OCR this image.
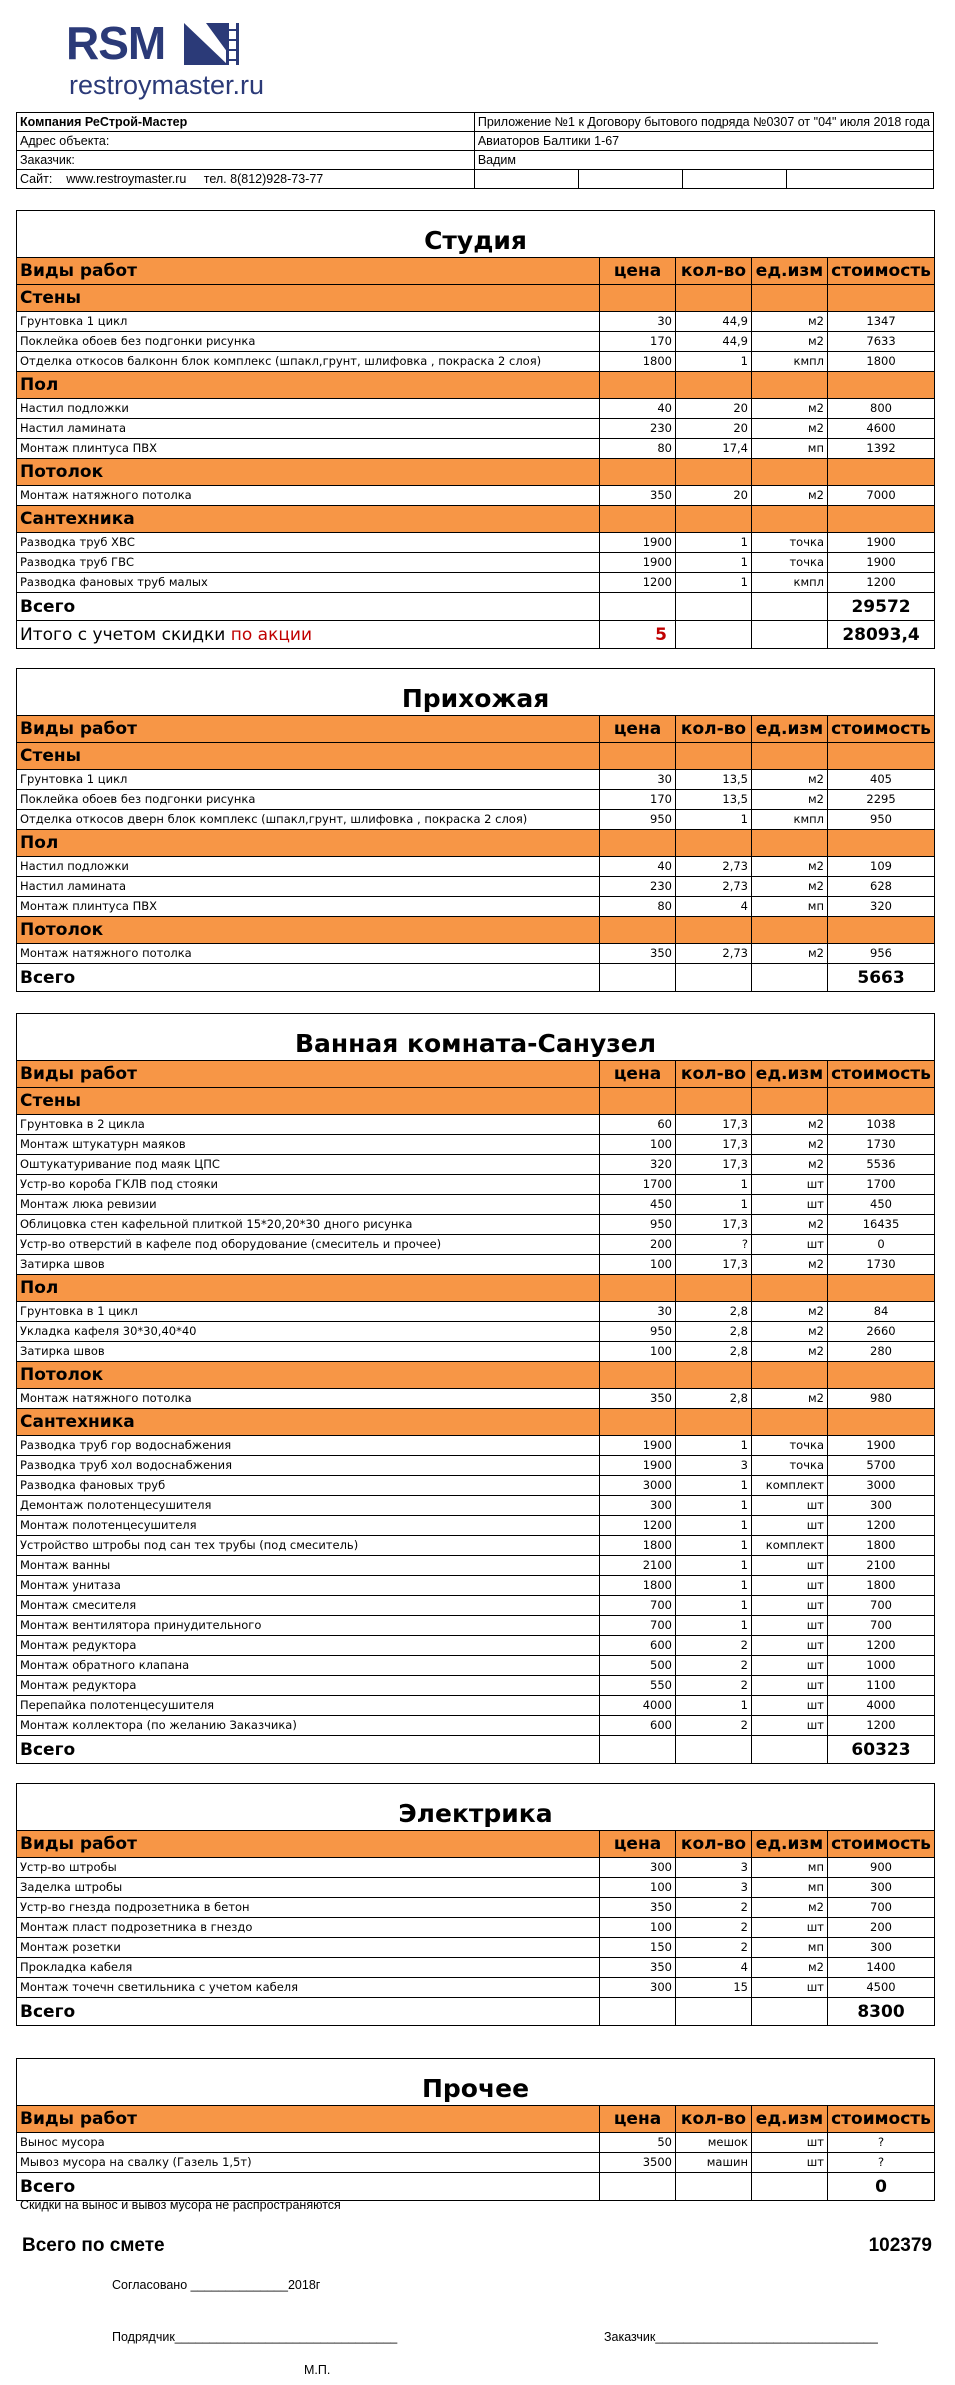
RSM
restroymaster.ru
Компания РеСтрой-Мастер	Приложение №1 к Договору бытового подряда №0307 от "04" июля 2018 года			
Адрес объекта:	Авиаторов Балтики 1-67			
Заказчик:	Вадим			
Сайт: www.restroymaster.ru тел. 8(812)928-73-77				
Студия				
Виды работ	цена	кол-во	ед.изм	стоимость
Стены				
Грунтовка 1 цикл	30	44,9	м2	1347
Поклейка обоев без подгонки рисунка	170	44,9	м2	7633
Отделка откосов балконн блок комплекс (шпакл,грунт, шлифовка , покраска 2 слоя)	1800	1	кмпл	1800
Пол				
Настил подложки	40	20	м2	800
Настил ламината	230	20	м2	4600
Монтаж плинтуса ПВХ	80	17,4	мп	1392
Потолок				
Монтаж натяжного потолка	350	20	м2	7000
Сантехника				
Разводка труб ХВС	1900	1	точка	1900
Разводка труб ГВС	1900	1	точка	1900
Разводка фановых труб малых	1200	1	кмпл	1200
Всего				29572
Итого с учетом скидки по акции	5			28093,4
Прихожая				
Виды работ	цена	кол-во	ед.изм	стоимость
Стены				
Грунтовка 1 цикл	30	13,5	м2	405
Поклейка обоев без подгонки рисунка	170	13,5	м2	2295
Отделка откосов дверн блок комплекс (шпакл,грунт, шлифовка , покраска 2 слоя)	950	1	кмпл	950
Пол				
Настил подложки	40	2,73	м2	109
Настил ламината	230	2,73	м2	628
Монтаж плинтуса ПВХ	80	4	мп	320
Потолок				
Монтаж натяжного потолка	350	2,73	м2	956
Всего				5663
Ванная комната-Санузел				
Виды работ	цена	кол-во	ед.изм	стоимость
Стены				
Грунтовка в 2 цикла	60	17,3	м2	1038
Монтаж штукатурн маяков	100	17,3	м2	1730
Оштукатуривание под маяк ЦПС	320	17,3	м2	5536
Устр-во короба ГКЛВ под стояки	1700	1	шт	1700
Монтаж люка ревизии	450	1	шт	450
Облицовка стен кафельной плиткой 15*20,20*30 дного рисунка	950	17,3	м2	16435
Устр-во отверстий в кафеле под оборудование (смеситель и прочее)	200	?	шт	0
Затирка швов	100	17,3	м2	1730
Пол				
Грунтовка в 1 цикл	30	2,8	м2	84
Укладка кафеля 30*30,40*40	950	2,8	м2	2660
Затирка швов	100	2,8	м2	280
Потолок				
Монтаж натяжного потолка	350	2,8	м2	980
Сантехника				
Разводка труб гор водоснабжения	1900	1	точка	1900
Разводка труб хол водоснабжения	1900	3	точка	5700
Разводка фановых труб	3000	1	комплект	3000
Демонтаж полотенцесушителя	300	1	шт	300
Монтаж полотенцесушителя	1200	1	шт	1200
Устройство штробы под сан тех трубы (под смеситель)	1800	1	комплект	1800
Монтаж ванны	2100	1	шт	2100
Монтаж унитаза	1800	1	шт	1800
Монтаж смесителя	700	1	шт	700
Монтаж вентилятора принудительного	700	1	шт	700
Монтаж редуктора	600	2	шт	1200
Монтаж обратного клапана	500	2	шт	1000
Монтаж редуктора	550	2	шт	1100
Перепайка полотенцесушителя	4000	1	шт	4000
Монтаж коллектора (по желанию Заказчика)	600	2	шт	1200
Всего				60323
Электрика				
Виды работ	цена	кол-во	ед.изм	стоимость
Устр-во штробы	300	3	мп	900
Заделка штробы	100	3	мп	300
Устр-во гнезда подрозетника в бетон	350	2	м2	700
Монтаж пласт подрозетника в гнездо	100	2	шт	200
Монтаж розетки	150	2	мп	300
Прокладка кабеля	350	4	м2	1400
Монтаж точечн светильника с учетом кабеля	300	15	шт	4500
Всего				8300
Прочее				
Виды работ	цена	кол-во	ед.изм	стоимость
Вынос мусора	50	мешок	шт	?
Мывоз мусора на свалку (Газель 1,5т)	3500	машин	шт	?
Всего				0
Скидки на вынос и вывоз мусора не распространяются
Всего по смете	102379
Согласовано ______________2018г
Подрядчик________________________________	Заказчик________________________________
М.П.
